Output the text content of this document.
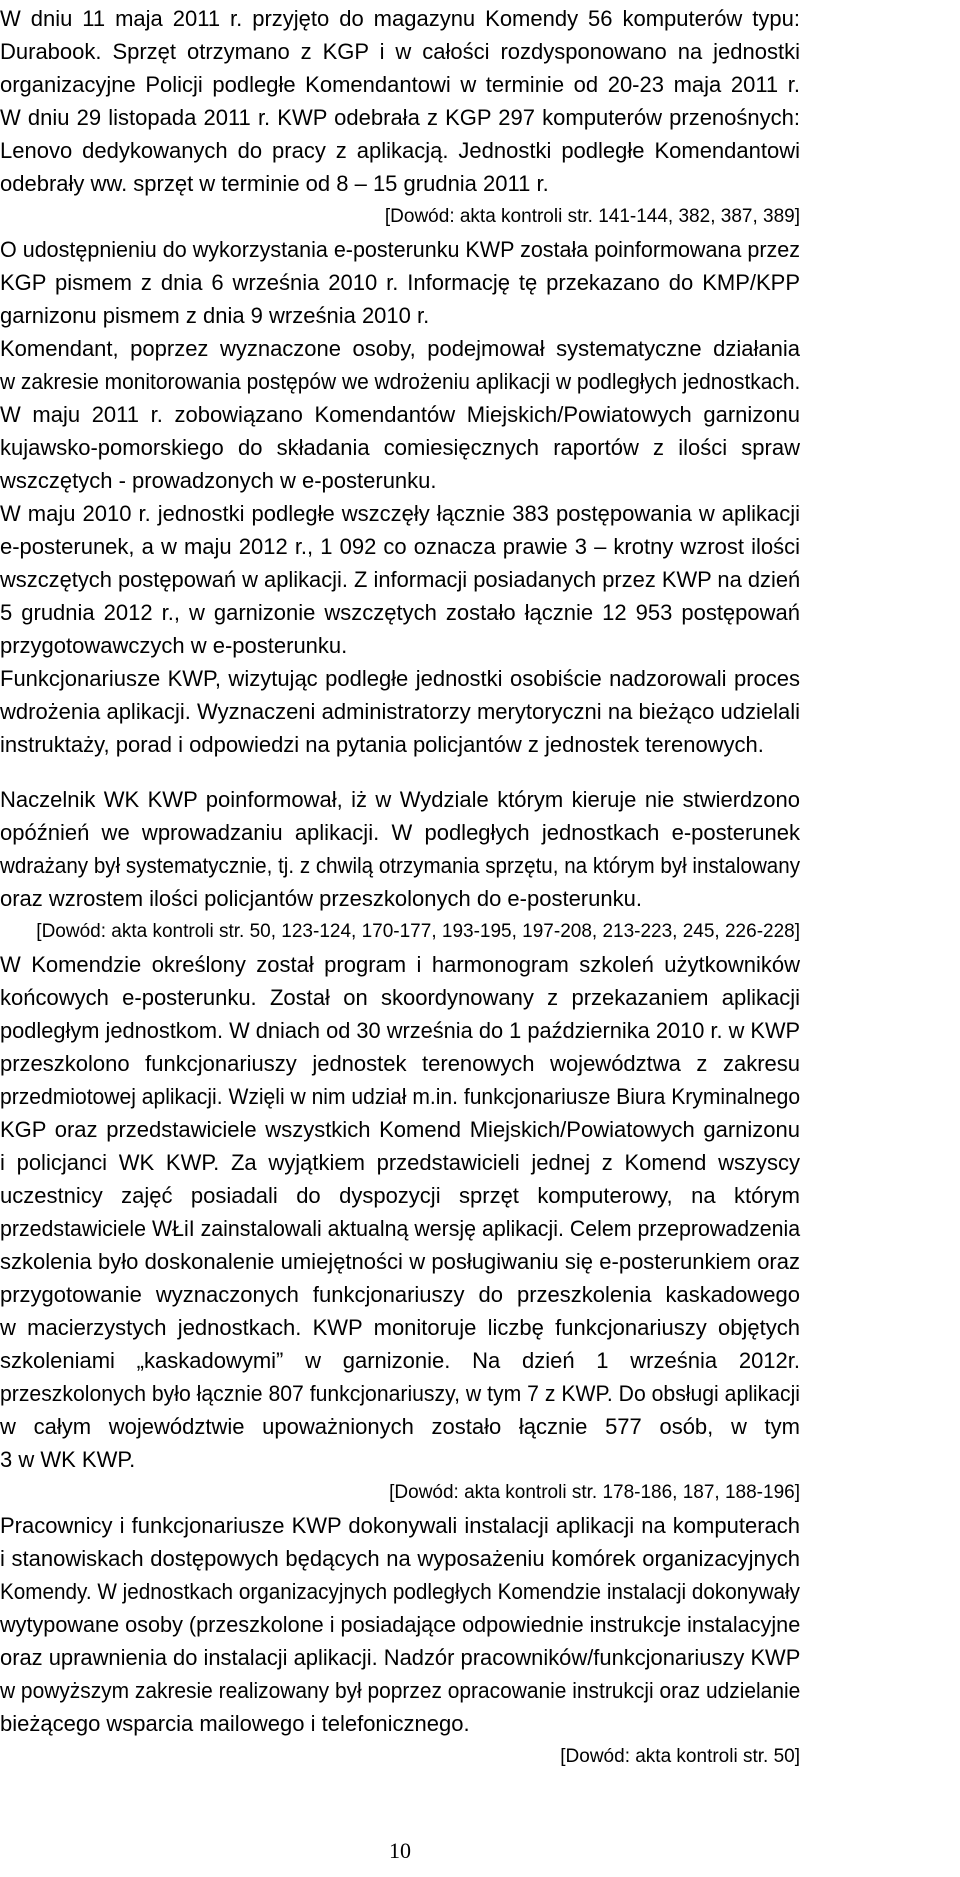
W dniu 11 maja 2011 r. przyjęto do magazynu Komendy 56 komputerów typu:

Durabook. Sprzęt otrzymano z KGP i w całości rozdysponowano na jednostki

organizacyjne Policji podległe Komendantowi w terminie od 20-23 maja 2011 r.

W dniu 29 listopada 2011 r. KWP odebrała z KGP 297 komputerów przenośnych:

Lenovo dedykowanych do pracy z aplikacją. Jednostki podległe Komendantowi

odebrały ww. sprzęt w terminie od 8 – 15 grudnia 2011 r.

[Dowód: akta kontroli str. 141-144, 382, 387, 389]

O udostępnieniu do wykorzystania e-posterunku KWP została poinformowana przez

KGP pismem z dnia 6 września 2010 r. Informację tę przekazano do KMP/KPP

garnizonu pismem z dnia 9 września 2010 r.

Komendant, poprzez wyznaczone osoby, podejmował systematyczne działania

w zakresie monitorowania postępów we wdrożeniu aplikacji w podległych jednostkach.

W maju 2011 r. zobowiązano Komendantów Miejskich/Powiatowych garnizonu

kujawsko-pomorskiego do składania comiesięcznych raportów z ilości spraw

wszczętych - prowadzonych w e-posterunku.

W maju 2010 r. jednostki podległe wszczęły łącznie 383 postępowania w aplikacji

e-posterunek, a w maju 2012 r., 1 092 co oznacza prawie 3 – krotny wzrost ilości

wszczętych postępowań w aplikacji. Z informacji posiadanych przez KWP na dzień

5 grudnia 2012 r., w garnizonie wszczętych zostało łącznie 12 953 postępowań

przygotowawczych w e-posterunku.

Funkcjonariusze KWP, wizytując podległe jednostki osobiście nadzorowali proces

wdrożenia aplikacji. Wyznaczeni administratorzy merytoryczni na bieżąco udzielali

instruktaży, porad i odpowiedzi na pytania policjantów z jednostek terenowych.

Naczelnik WK KWP poinformował, iż w Wydziale którym kieruje nie stwierdzono

opóźnień we wprowadzaniu aplikacji. W podległych jednostkach e-posterunek

wdrażany był systematycznie, tj. z chwilą otrzymania sprzętu, na którym był instalowany

oraz wzrostem ilości policjantów przeszkolonych do e-posterunku.

[Dowód: akta kontroli str. 50, 123-124, 170-177, 193-195, 197-208, 213-223, 245, 226-228]

W Komendzie określony został program i harmonogram szkoleń użytkowników

końcowych e-posterunku. Został on skoordynowany z przekazaniem aplikacji

podległym jednostkom. W dniach od 30 września do 1 października 2010 r. w KWP

przeszkolono funkcjonariuszy jednostek terenowych województwa z zakresu

przedmiotowej aplikacji. Wzięli w nim udział m.in. funkcjonariusze Biura Kryminalnego

KGP oraz przedstawiciele wszystkich Komend Miejskich/Powiatowych garnizonu

i policjanci WK KWP. Za wyjątkiem przedstawicieli jednej z Komend wszyscy

uczestnicy zajęć posiadali do dyspozycji sprzęt komputerowy, na którym

przedstawiciele WŁiI zainstalowali aktualną wersję aplikacji. Celem przeprowadzenia

szkolenia było doskonalenie umiejętności w posługiwaniu się e-posterunkiem oraz

przygotowanie wyznaczonych funkcjonariuszy do przeszkolenia kaskadowego

w macierzystych jednostkach. KWP monitoruje liczbę funkcjonariuszy objętych

szkoleniami „kaskadowymi” w garnizonie. Na dzień 1 września 2012r.

przeszkolonych było łącznie 807 funkcjonariuszy, w tym 7 z KWP. Do obsługi aplikacji

w całym województwie upoważnionych zostało łącznie 577 osób, w tym

3 w WK KWP.

[Dowód: akta kontroli str. 178-186, 187, 188-196]

Pracownicy i funkcjonariusze KWP dokonywali instalacji aplikacji na komputerach

i stanowiskach dostępowych będących na wyposażeniu komórek organizacyjnych

Komendy. W jednostkach organizacyjnych podległych Komendzie instalacji dokonywały

wytypowane osoby (przeszkolone i posiadające odpowiednie instrukcje instalacyjne

oraz uprawnienia do instalacji aplikacji. Nadzór pracowników/funkcjonariuszy KWP

w powyższym zakresie realizowany był poprzez opracowanie instrukcji oraz udzielanie

bieżącego wsparcia mailowego i telefonicznego.

[Dowód: akta kontroli str. 50]

10
